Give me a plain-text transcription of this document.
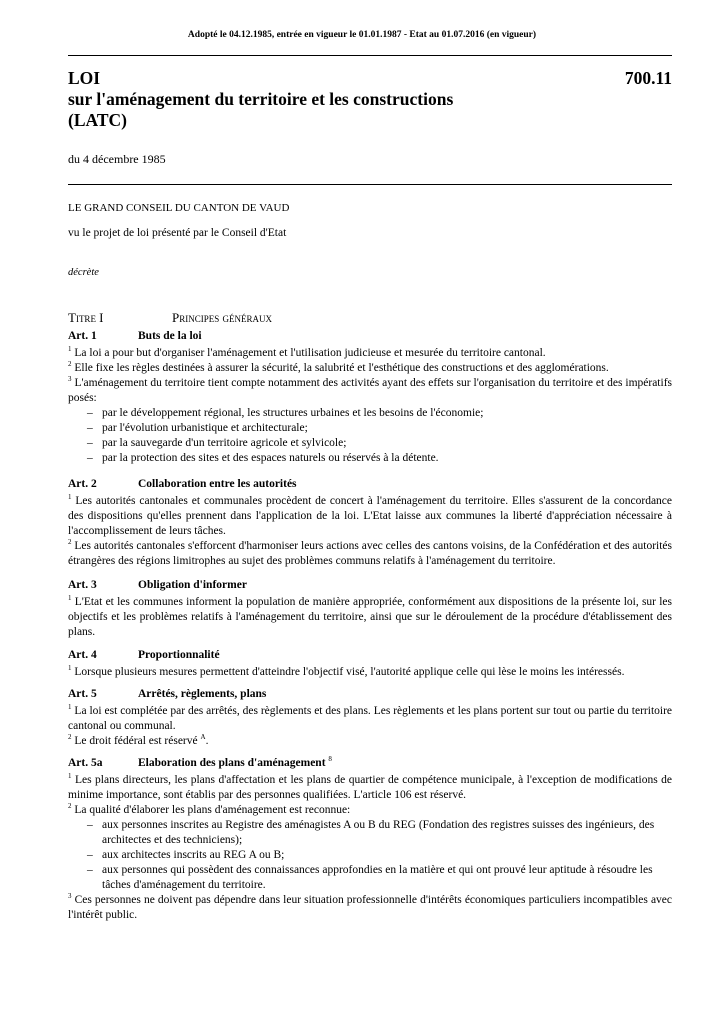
Adopté le 04.12.1985, entrée en vigueur le 01.01.1987 - Etat au 01.07.2016 (en vigueur)
LOI
sur l'aménagement du territoire et les constructions
(LATC)
700.11
du 4 décembre 1985
LE GRAND CONSEIL DU CANTON DE VAUD
vu le projet de loi présenté par le Conseil d'Etat
décrète
Titre I	Principes généraux
Art. 1	Buts de la loi

$^1$ La loi a pour but d'organiser l'aménagement et l'utilisation judicieuse et mesurée du territoire cantonal.

$^2$ Elle fixe les règles destinées à assurer la sécurité, la salubrité et l'esthétique des constructions et des agglomérations.

$^3$ L'aménagement du territoire tient compte notamment des activités ayant des effets sur l'organisation du territoire et des impératifs posés:

– par le développement régional, les structures urbaines et les besoins de l'économie;
– par l'évolution urbanistique et architecturale;
– par la sauvegarde d'un territoire agricole et sylvicole;
– par la protection des sites et des espaces naturels ou réservés à la détente.
Art. 2	Collaboration entre les autorités

$^1$ Les autorités cantonales et communales procèdent de concert à l'aménagement du territoire. Elles s'assurent de la concordance des dispositions qu'elles prennent dans l'application de la loi. L'Etat laisse aux communes la liberté d'appréciation nécessaire à l'accomplissement de leurs tâches.

$^2$ Les autorités cantonales s'efforcent d'harmoniser leurs actions avec celles des cantons voisins, de la Confédération et des autorités étrangères des régions limitrophes au sujet des problèmes communs relatifs à l'aménagement du territoire.

Art. 3	Obligation d'informer

$^1$ L'Etat et les communes informent la population de manière appropriée, conformément aux dispositions de la présente loi, sur les objectifs et les problèmes relatifs à l'aménagement du territoire, ainsi que sur le déroulement de la procédure d'établissement des plans.

Art. 4	Proportionnalité

$^1$ Lorsque plusieurs mesures permettent d'atteindre l'objectif visé, l'autorité applique celle qui lèse le moins les intéressés.

Art. 5	Arrêtés, règlements, plans

$^1$ La loi est complétée par des arrêtés, des règlements et des plans. Les règlements et les plans portent sur tout ou partie du territoire cantonal ou communal.

$^2$ Le droit fédéral est réservé $^A$.

Art. 5a	Elaboration des plans d'aménagement $^8$

$^1$ Les plans directeurs, les plans d'affectation et les plans de quartier de compétence municipale, à l'exception de modifications de minime importance, sont établis par des personnes qualifiées. L'article 106 est réservé.

$^2$ La qualité d'élaborer les plans d'aménagement est reconnue:

– aux personnes inscrites au Registre des aménagistes A ou B du REG (Fondation des registres suisses des ingénieurs, des architectes et des techniciens);
– aux architectes inscrits au REG A ou B;
– aux personnes qui possèdent des connaissances approfondies en la matière et qui ont prouvé leur aptitude à résoudre les tâches d'aménagement du territoire.

$^3$ Ces personnes ne doivent pas dépendre dans leur situation professionnelle d'intérêts économiques particuliers incompatibles avec l'intérêt public.
